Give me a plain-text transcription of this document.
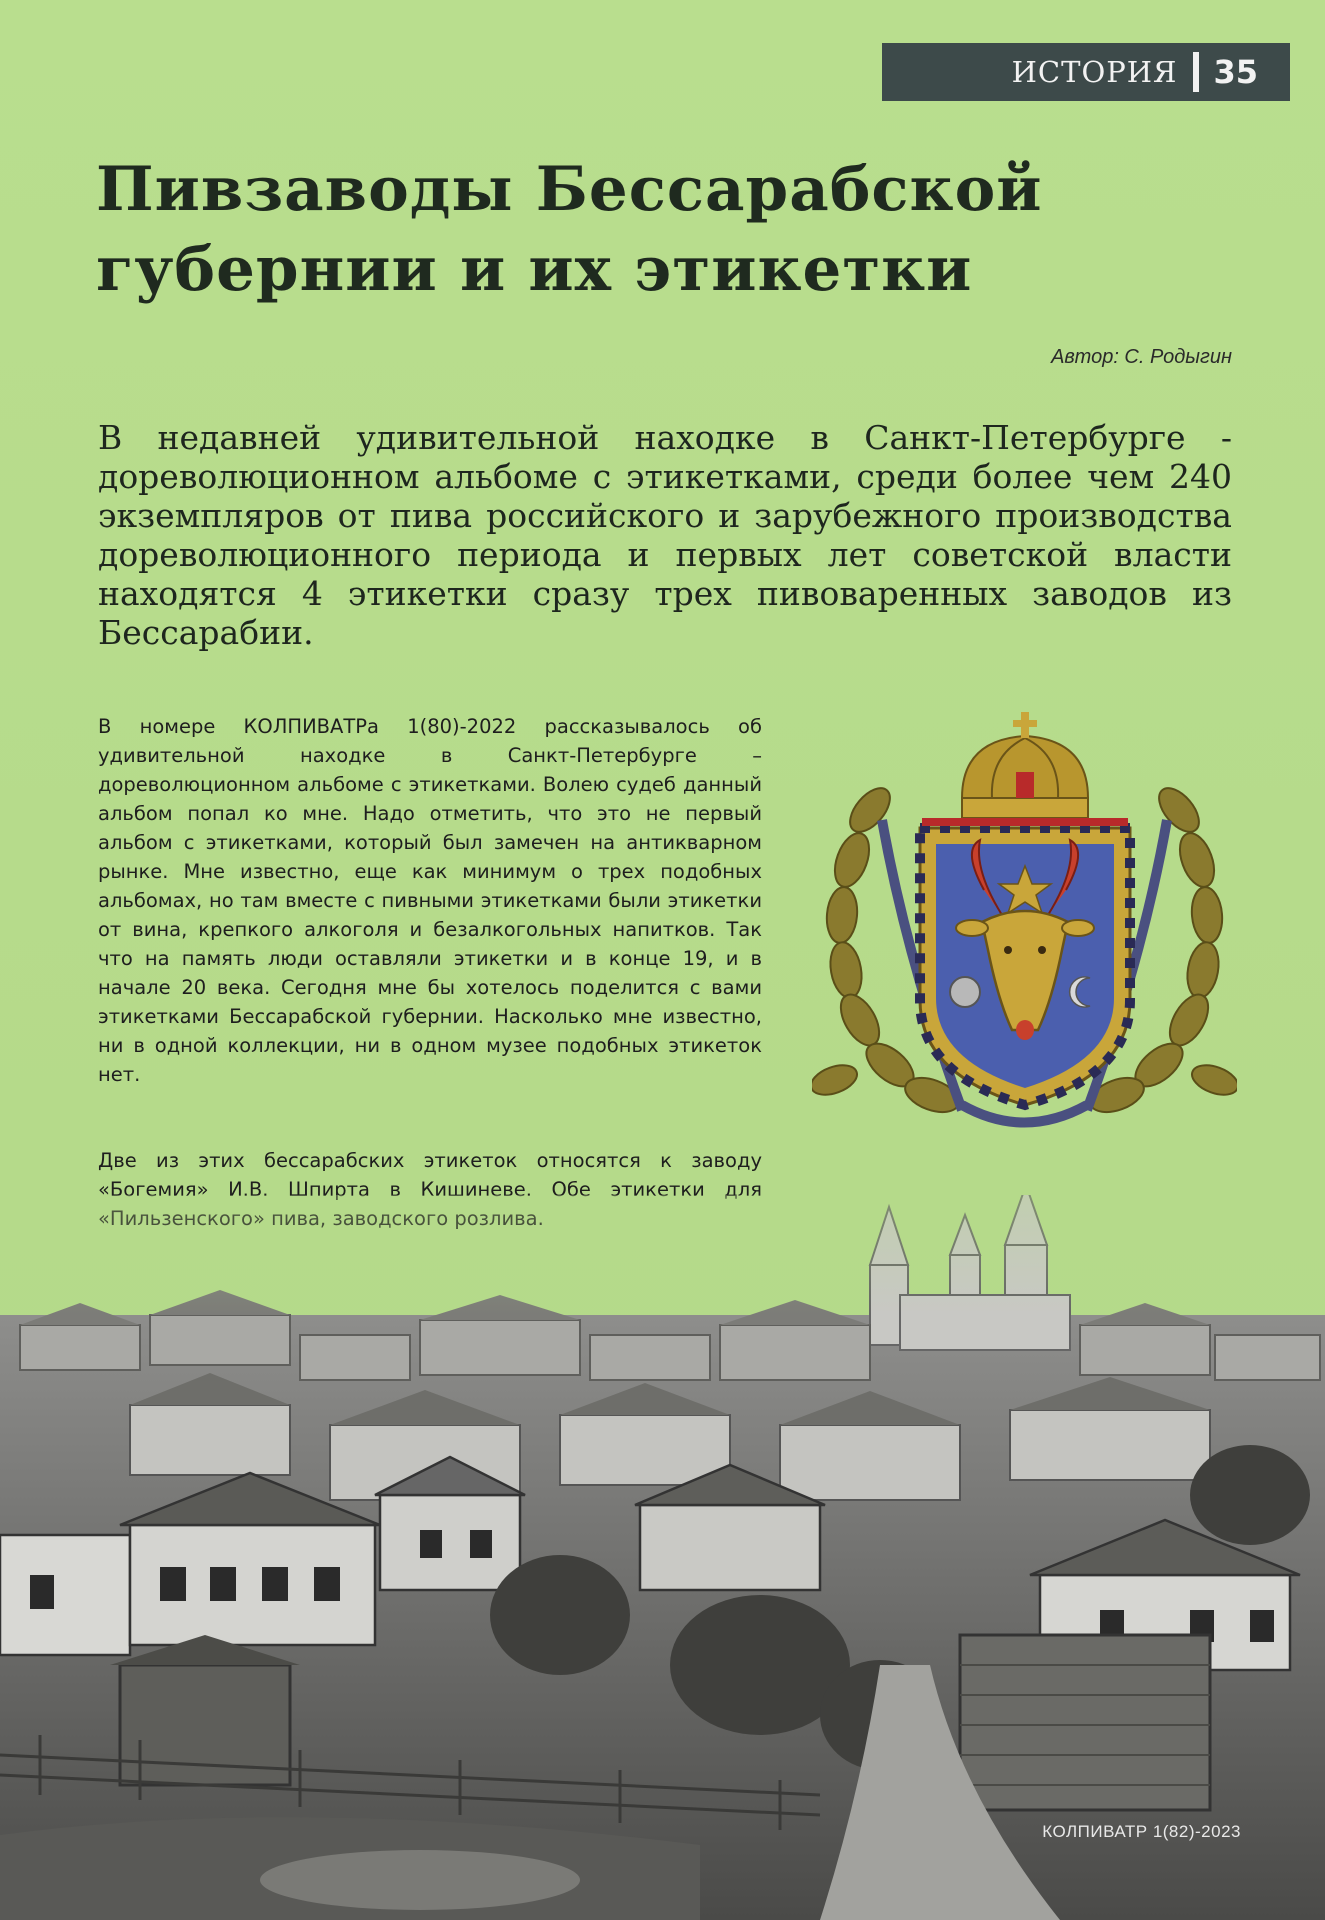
ИСТОРИЯ 35
Пивзаводы Бессарабской
губернии и их этикетки
Автор: С. Родыгин

В недавней удивительной находке в Санкт-Петербурге - дореволюционном альбоме с этикетками, среди более чем 240 экземпляров от пива российского и зарубежного производства дореволюционного периода и первых лет советской власти находятся 4 этикетки сразу трех пивоваренных заводов из Бессарабии.

В номере КОЛПИВАТРа 1(80)-2022 рассказывалось об удивительной находке в Санкт-Петербурге – дореволюционном альбоме с этикетками. Волею судеб данный альбом попал ко мне. Надо отметить, что это не первый альбом с этикетками, который был замечен на антикварном рынке. Мне известно, еще как минимум о трех подобных альбомах, но там вместе с пивными этикетками были этикетки от вина, крепкого алкоголя и безалкогольных напитков. Так что на память люди оставляли этикетки и в конце 19, и в начале 20 века. Сегодня мне бы хотелось поделится с вами этикетками Бессарабской губернии. Насколько мне известно, ни в одной коллекции, ни в одном музее подобных этикеток нет.

Две из этих бессарабских этикеток относятся к заводу «Богемия» И.В. Шпирта в Кишиневе. Обе этикетки для «Пильзенского» пива, заводского розлива.

КОЛПИВАТР 1(82)-2023
